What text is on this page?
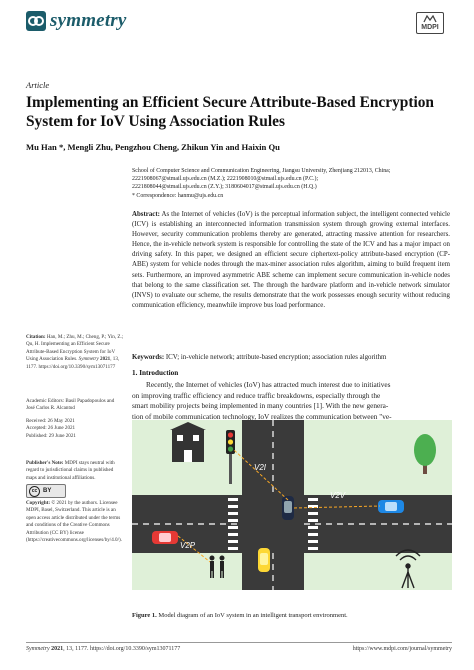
symmetry	MDPI
Article
Implementing an Efficient Secure Attribute-Based Encryption System for IoV Using Association Rules
Mu Han *, Mengli Zhu, Pengzhou Cheng, Zhikun Yin and Haixin Qu
School of Computer Science and Communication Engineering, Jiangsu University, Zhenjiang 212013, China;
2221908067@stmail.ujs.edu.cn (M.Z.); 2221908010@stmail.ujs.edu.cn (P.C.);
2221808044@stmail.ujs.edu.cn (Z.Y.); 3180604017@stmail.ujs.edu.cn (H.Q.)
* Correspondence: hanmu@ujs.edu.cn
Abstract: As the Internet of vehicles (IoV) is the perceptual information subject, the intelligent connected vehicle (ICV) is establishing an interconnected information transmission system through growing external interfaces. However, security communication problems thereby are generated, attracting massive attention for researchers. Hence, the in-vehicle network system is responsible for controlling the state of the ICV and has a major impact on driving safety. In this paper, we designed an efficient secure ciphertext-policy attribute-based encryption (CP-ABE) system for vehicle nodes through the max-miner association rules algorithm, aiming to build frequent item sets. Furthermore, an improved asymmetric ABE scheme can implement secure communication in-vehicle nodes that belong to the same classification set. The through the hardware platform and in-vehicle network simulator (INVS) to evaluate our scheme, the results demonstrate that the work possesses enough security without reducing communication efficiency, meanwhile improve bus load performance.
Keywords: ICV; in-vehicle network; attribute-based encryption; association rules algorithm
1. Introduction
Recently, the Internet of vehicles (IoV) has attracted much interest due to initiatives
on improving traffic efficiency and reduce traffic breakdowns, especially through the
smart mobility projects being implemented in many countries [1]. With the new genera-
tion of mobile communication technology, IoV realizes the communication between "ve-
V2I
V2V
V2P
Figure 1. Model diagram of an IoV system in an intelligent transport environment.
Citation: Han, M.; Zhu, M.; Cheng, P.; Yin, Z.; Qu, H. Implementing an Efficient Secure Attribute-Based Encryption System for IoV Using Association Rules. Symmetry 2021, 13, 1177. https://doi.org/10.3390/sym13071177
Academic Editors: Basil Papadopoulos and José Carlos R. Alcantud
Received: 26 May 2021
Accepted: 26 June 2021
Published: 29 June 2021
Publisher's Note: MDPI stays neutral with regard to jurisdictional claims in published maps and institutional affiliations.
cc BY
Copyright: © 2021 by the authors. Licensee MDPI, Basel, Switzerland. This article is an open access article distributed under the terms and conditions of the Creative Commons Attribution (CC BY) license (https://creativecommons.org/licenses/by/4.0/).
Symmetry 2021, 13, 1177. https://doi.org/10.3390/sym13071177	https://www.mdpi.com/journal/symmetry
